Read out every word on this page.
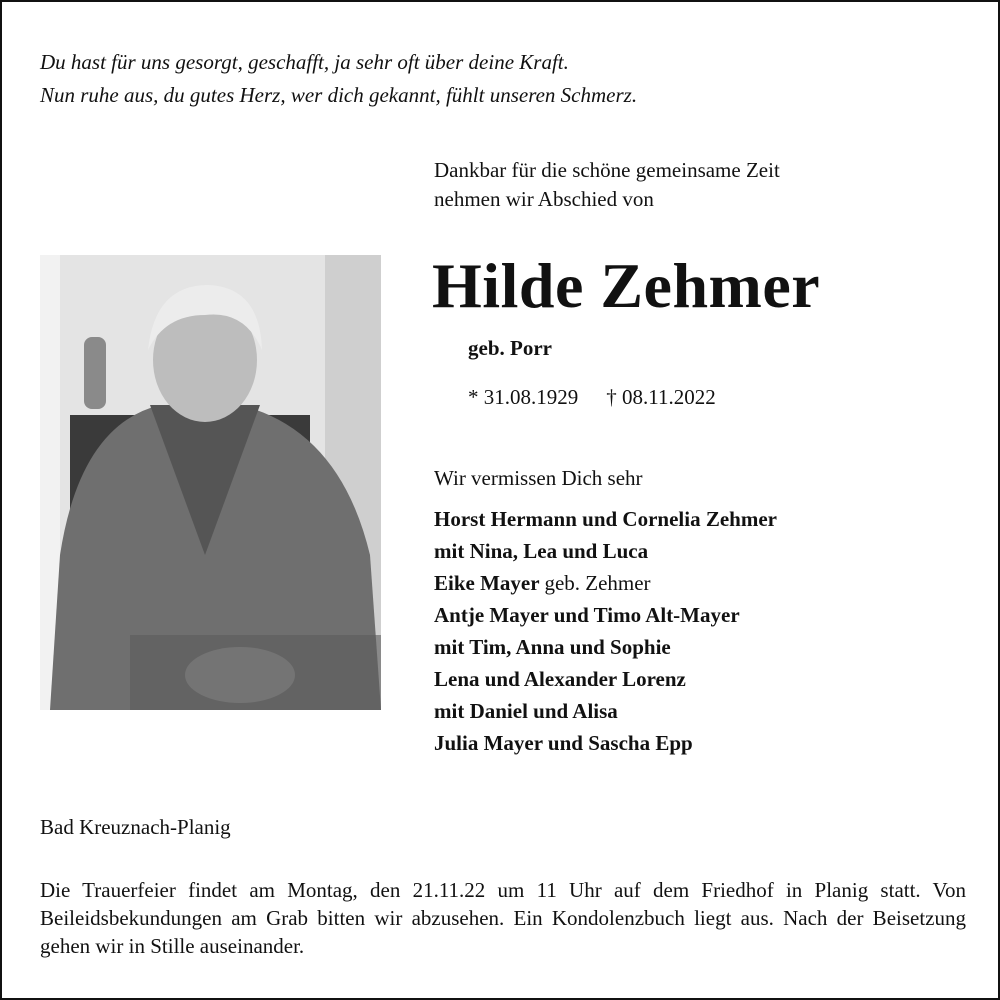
Du hast für uns gesorgt, geschafft, ja sehr oft über deine Kraft.
Nun ruhe aus, du gutes Herz, wer dich gekannt, fühlt unseren Schmerz.
Dankbar für die schöne gemeinsame Zeit
nehmen wir Abschied von
Hilde Zehmer
geb. Porr
* 31.08.1929 † 08.11.2022
Wir vermissen Dich sehr
Horst Hermann und Cornelia Zehmer
mit Nina, Lea und Luca
Eike Mayer geb. Zehmer
Antje Mayer und Timo Alt-Mayer
mit Tim, Anna und Sophie
Lena und Alexander Lorenz
mit Daniel und Alisa
Julia Mayer und Sascha Epp
Bad Kreuznach-Planig
Die Trauerfeier findet am Montag, den 21.11.22 um 11 Uhr auf dem Friedhof in Planig statt. Von Beileidsbekundungen am Grab bitten wir abzusehen. Ein Kondolenzbuch liegt aus. Nach der Beisetzung gehen wir in Stille auseinander.
